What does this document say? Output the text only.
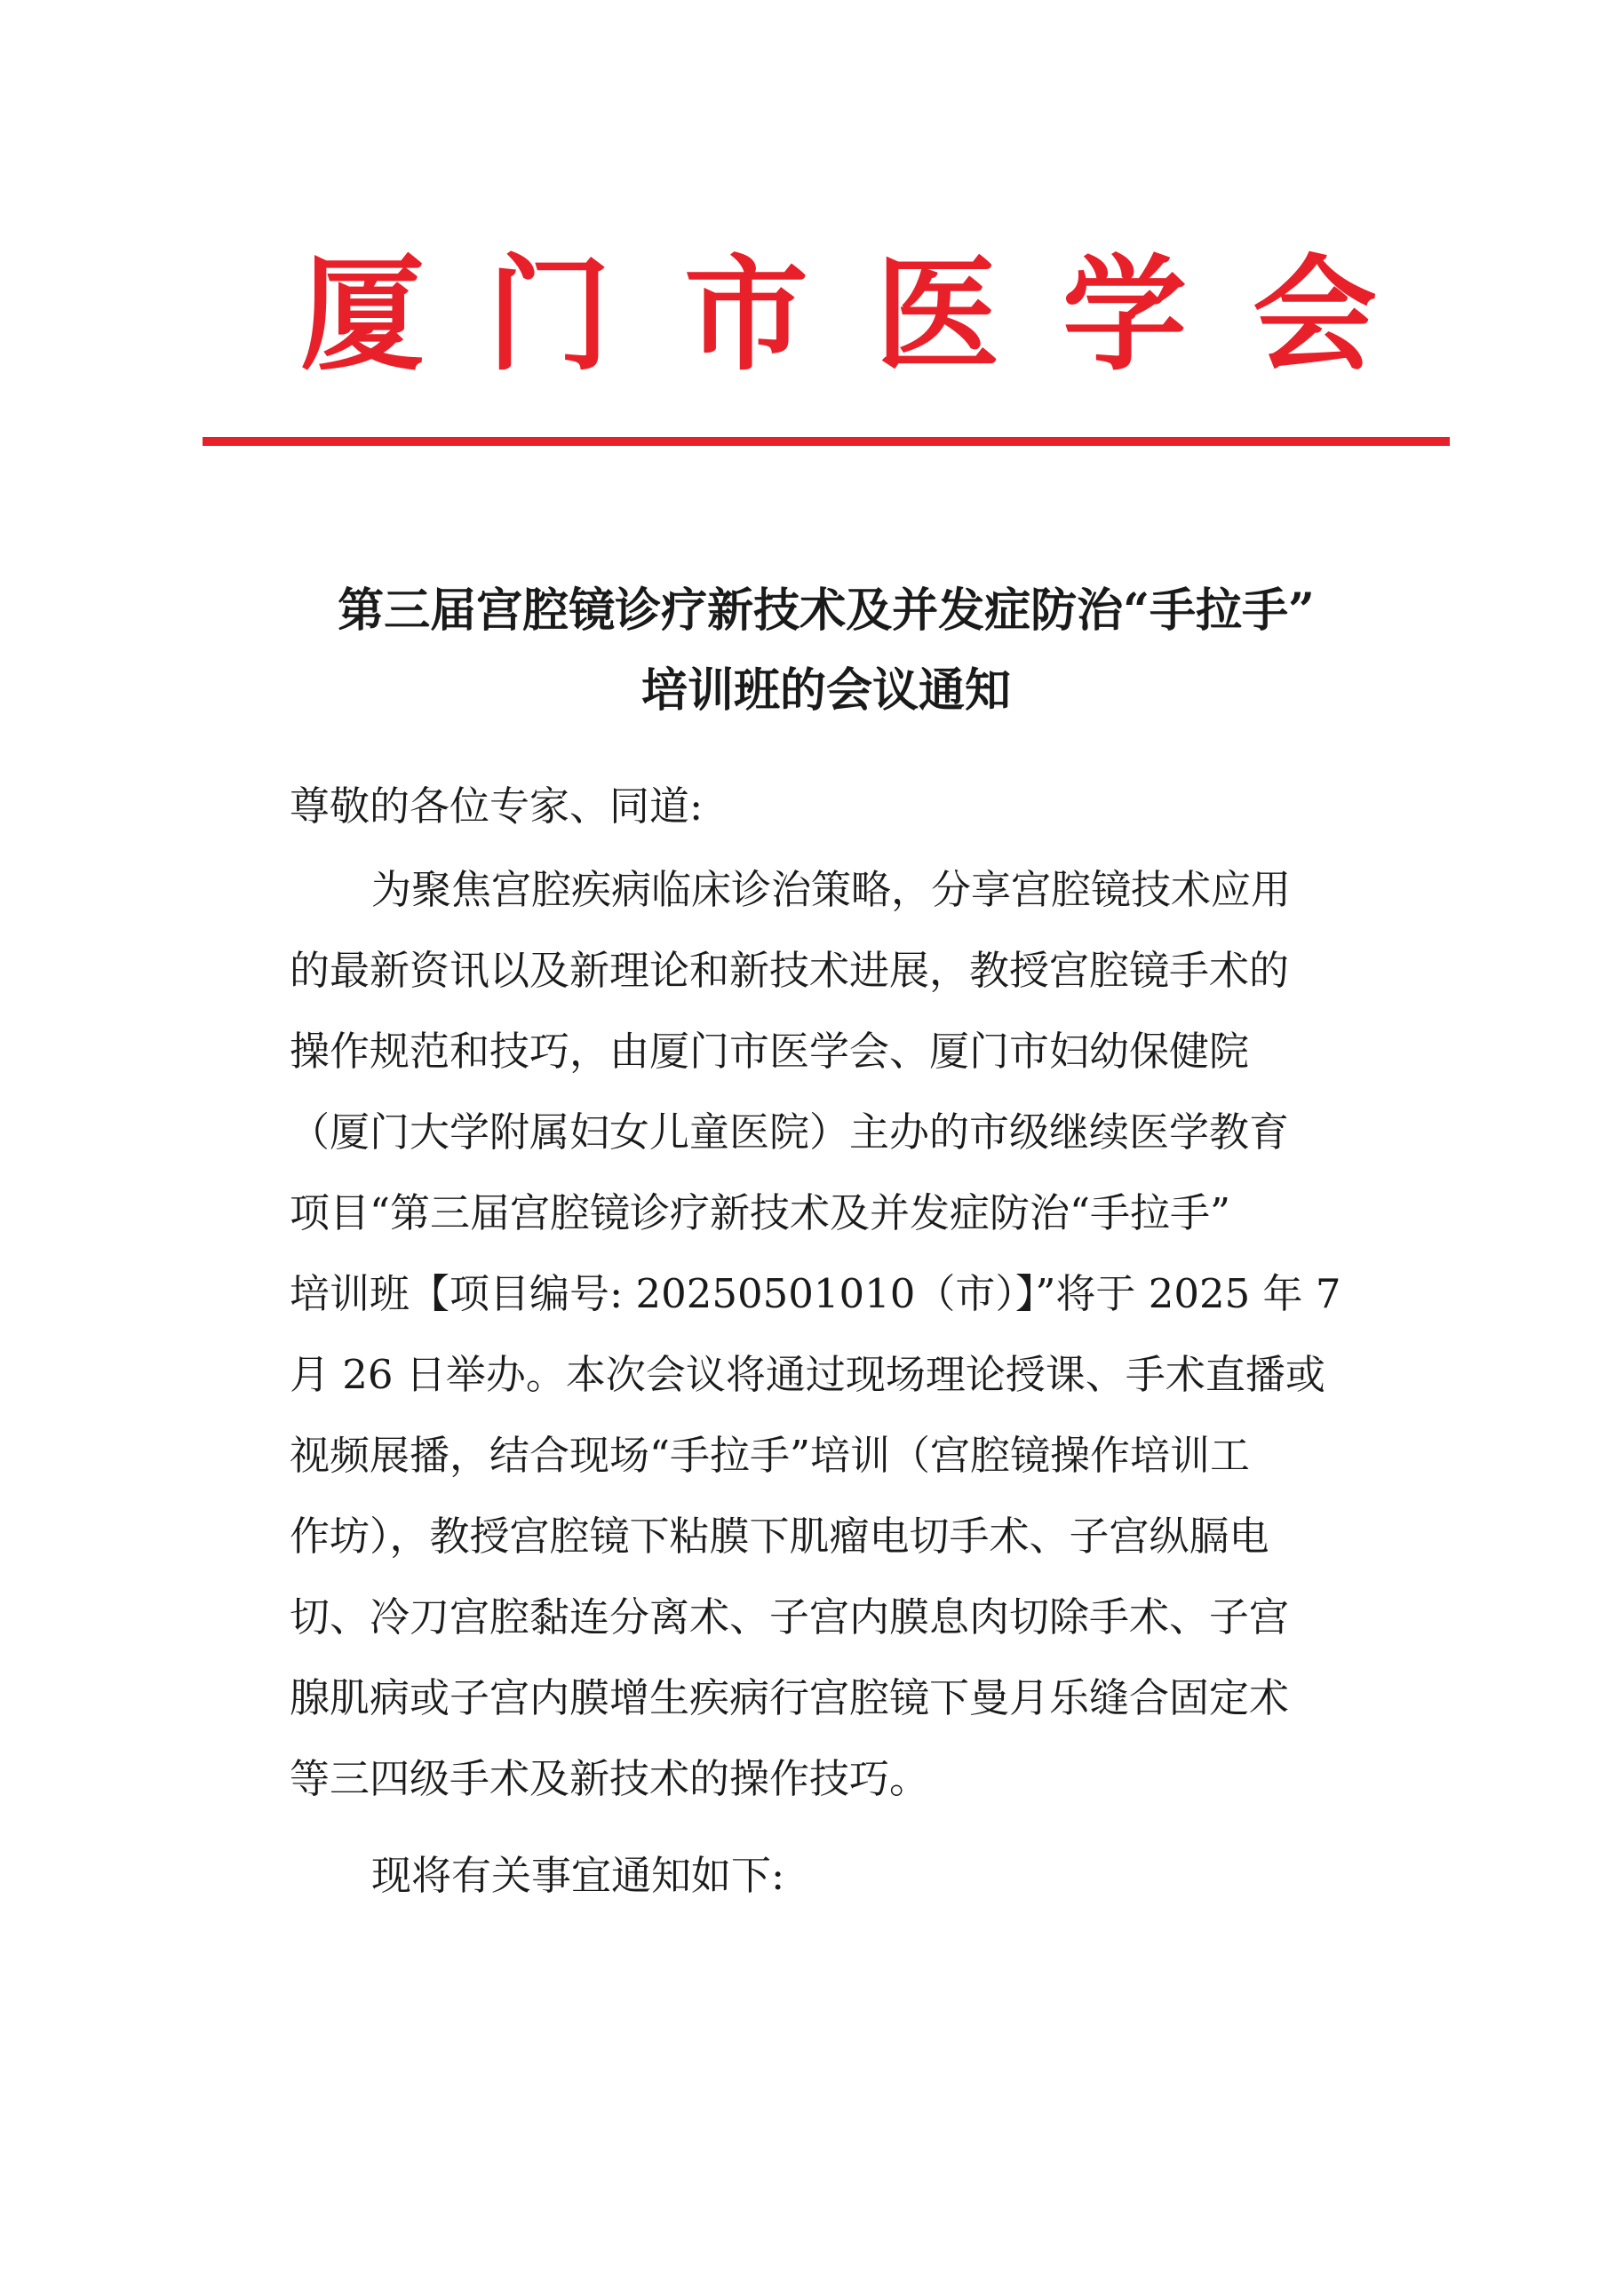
厦 门 市 医 学 会
第三届宫腔镜诊疗新技术及并发症防治“手拉手”
培训班的会议通知
尊敬的各位专家、同道:
为聚焦宫腔疾病临床诊治策略，分享宫腔镜技术应用
的最新资讯以及新理论和新技术进展，教授宫腔镜手术的
操作规范和技巧，由厦门市医学会、厦门市妇幼保健院
（厦门大学附属妇女儿童医院）主办的市级继续医学教育
项目“第三届宫腔镜诊疗新技术及并发症防治“手拉手”
培训班【项目编号: 20250501010（市）】”将于 2025 年 7
月 26 日举办。本次会议将通过现场理论授课、手术直播或
视频展播，结合现场“手拉手”培训（宫腔镜操作培训工
作坊），教授宫腔镜下粘膜下肌瘤电切手术、子宫纵膈电
切、冷刀宫腔黏连分离术、子宫内膜息肉切除手术、子宫
腺肌病或子宫内膜增生疾病行宫腔镜下曼月乐缝合固定术
等三四级手术及新技术的操作技巧。
现将有关事宜通知如下:
